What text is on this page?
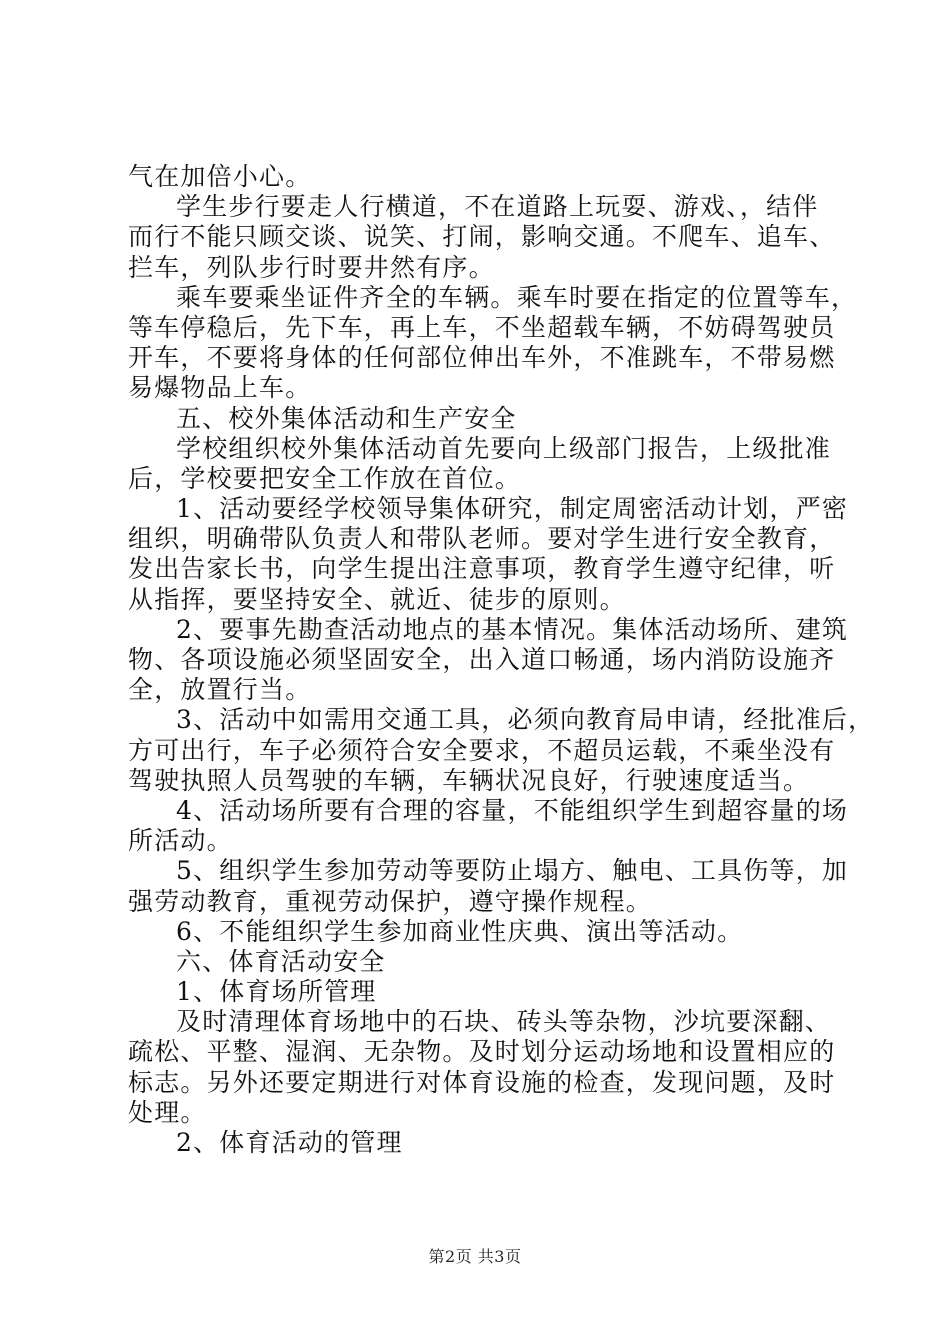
气在加倍小心。
学生步行要走人行横道，不在道路上玩耍、游戏、，结伴
而行不能只顾交谈、说笑、打闹，影响交通。不爬车、追车、
拦车，列队步行时要井然有序。
乘车要乘坐证件齐全的车辆。乘车时要在指定的位置等车，
等车停稳后，先下车，再上车，不坐超载车辆，不妨碍驾驶员
开车，不要将身体的任何部位伸出车外，不准跳车，不带易燃
易爆物品上车。
五、校外集体活动和生产安全
学校组织校外集体活动首先要向上级部门报告，上级批准
后，学校要把安全工作放在首位。
1、活动要经学校领导集体研究，制定周密活动计划，严密
组织，明确带队负责人和带队老师。要对学生进行安全教育，
发出告家长书，向学生提出注意事项，教育学生遵守纪律，听
从指挥，要坚持安全、就近、徒步的原则。
2、要事先勘查活动地点的基本情况。集体活动场所、建筑
物、各项设施必须坚固安全，出入道口畅通，场内消防设施齐
全，放置行当。
3、活动中如需用交通工具，必须向教育局申请，经批准后，
方可出行，车子必须符合安全要求，不超员运载，不乘坐没有
驾驶执照人员驾驶的车辆，车辆状况良好，行驶速度适当。
4、活动场所要有合理的容量，不能组织学生到超容量的场
所活动。
5、组织学生参加劳动等要防止塌方、触电、工具伤等，加
强劳动教育，重视劳动保护，遵守操作规程。
6、不能组织学生参加商业性庆典、演出等活动。
六、体育活动安全
1、体育场所管理
及时清理体育场地中的石块、砖头等杂物，沙坑要深翻、
疏松、平整、湿润、无杂物。及时划分运动场地和设置相应的
标志。另外还要定期进行对体育设施的检查，发现问题，及时
处理。
2、体育活动的管理
第2页 共3页
